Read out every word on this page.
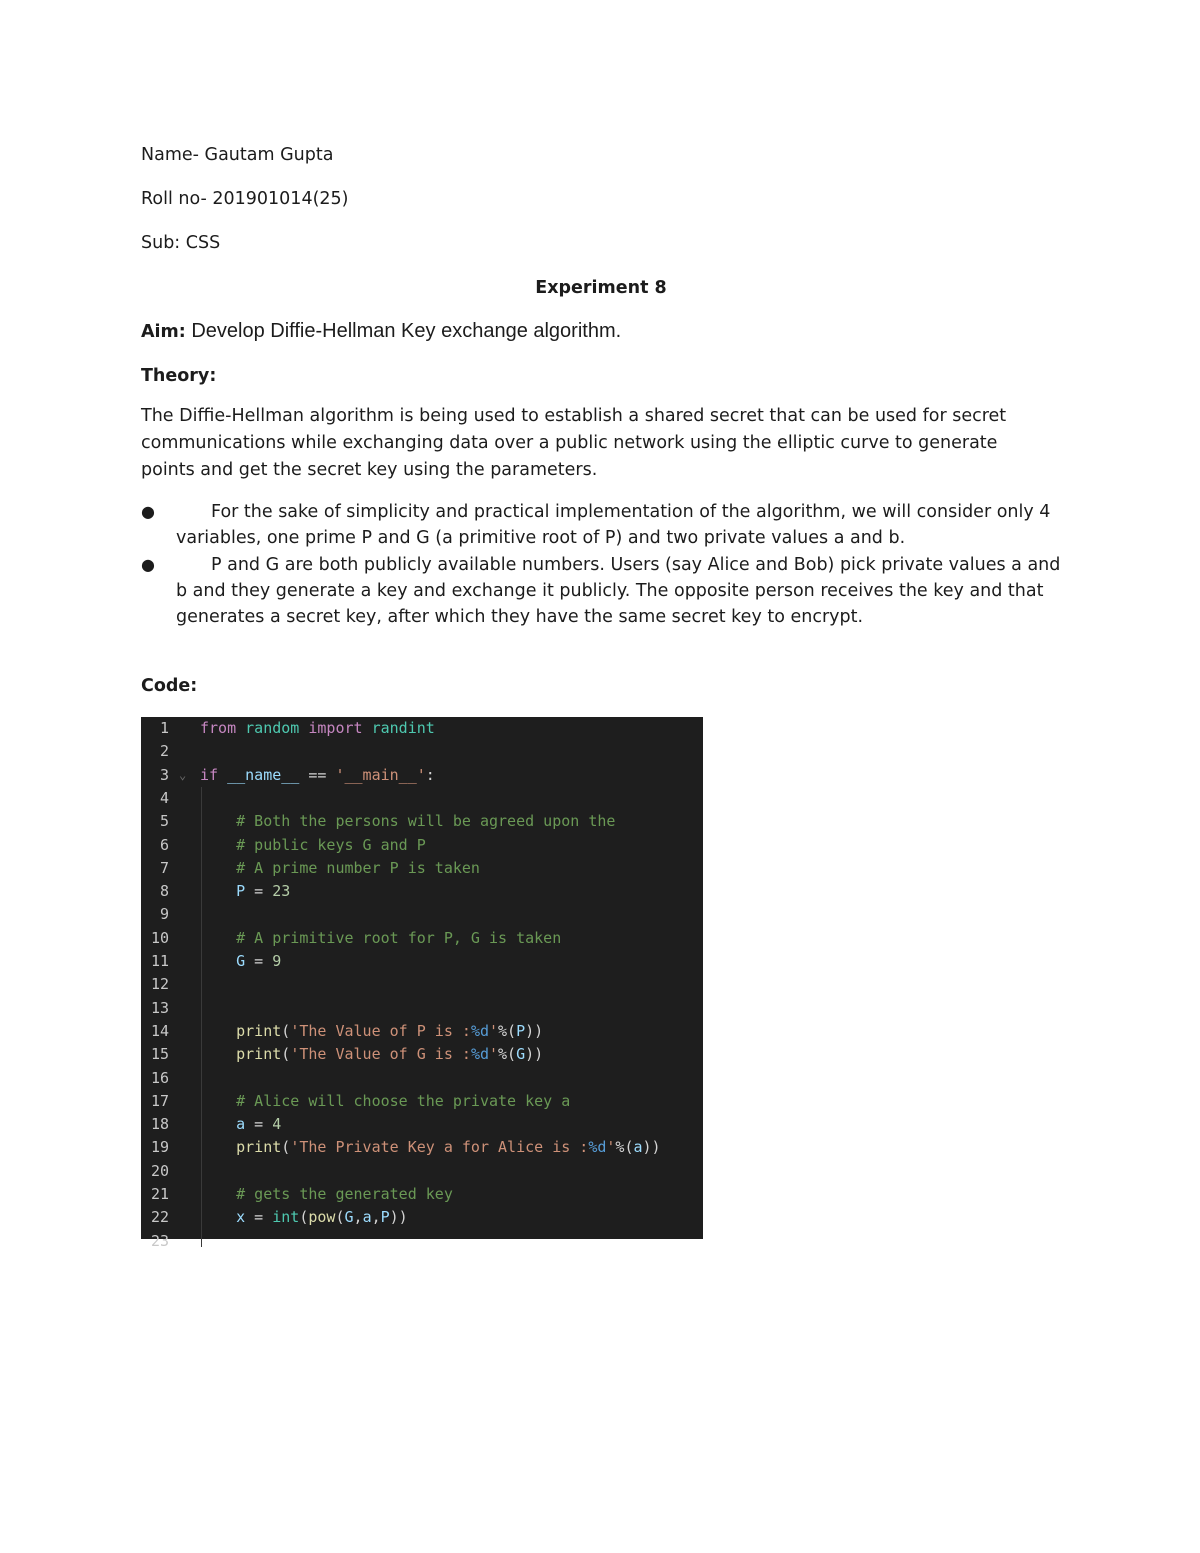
Name- Gautam Gupta
Roll no- 201901014(25)
Sub: CSS
Experiment 8
Aim: Develop Diffie-Hellman Key exchange algorithm.
Theory:
The Diffie-Hellman algorithm is being used to establish a shared secret that can be used for secret communications while exchanging data over a public network using the elliptic curve to generate points and get the secret key using the parameters.
●	For the sake of simplicity and practical implementation of the algorithm, we will consider only 4 variables, one prime P and G (a primitive root of P) and two private values a and b.
●	P and G are both publicly available numbers. Users (say Alice and Bob) pick private values a and b and they generate a key and exchange it publicly. The opposite person receives the key and that generates a secret key, after which they have the same secret key to encrypt.
Code:
1 from random import randint
2
3 ⌄ if __name__ == '__main__':
4
5	# Both the persons will be agreed upon the
6	# public keys G and P
7	# A prime number P is taken
8	P = 23
9
10	# A primitive root for P, G is taken
11	G = 9
12
13
14	print('The Value of P is :%d'%(P))
15	print('The Value of G is :%d'%(G))
16
17	# Alice will choose the private key a
18	a = 4
19	print('The Private Key a for Alice is :%d'%(a))
20
21	# gets the generated key
22	x = int(pow(G,a,P))
23
